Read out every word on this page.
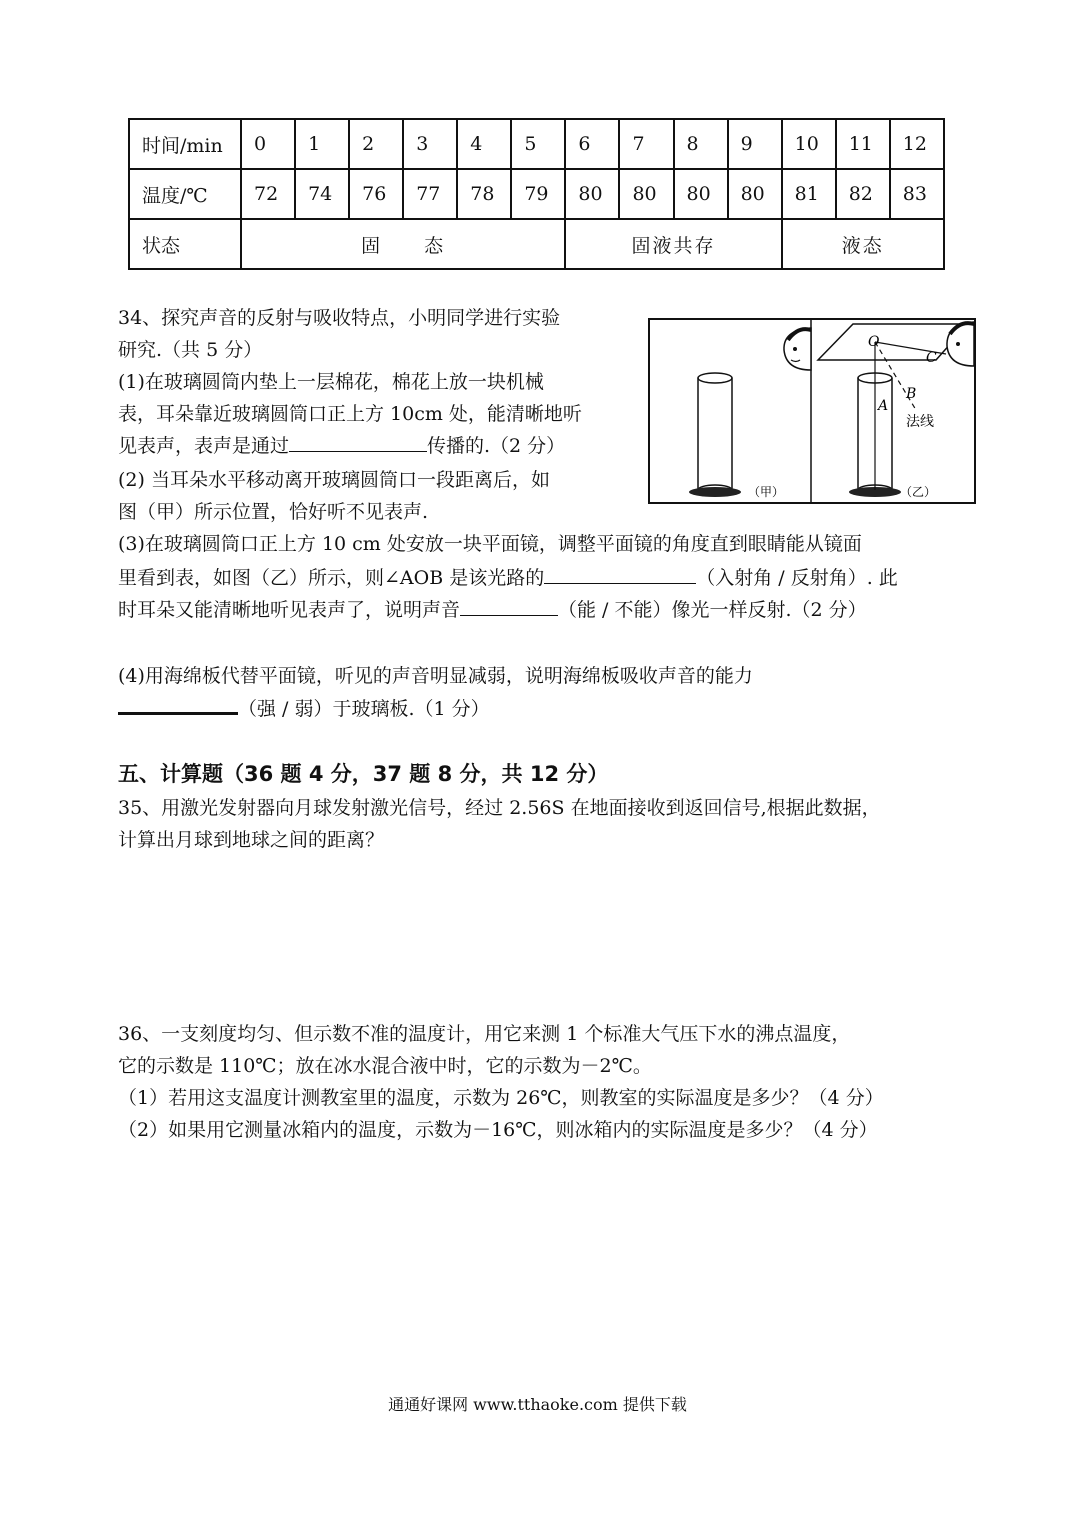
时间/min	0	1	2	3	4	5	6	7	8	9	10	11	12
温度/℃	72	74	76	77	78	79	80	80	80	80	81	82	83
状态	固　　态						固液共存				液态		
34、探究声音的反射与吸收特点，小明同学进行实验
研究.（共 5 分）
(1)在玻璃圆筒内垫上一层棉花，棉花上放一块机械
表，耳朵靠近玻璃圆筒口正上方 10cm 处，能清晰地听
见表声，表声是通过	传播的.（2 分）
(2) 当耳朵水平移动离开玻璃圆筒口一段距离后，如
图（甲）所示位置，恰好听不见表声.
(3)在玻璃圆筒口正上方 10 cm 处安放一块平面镜，调整平面镜的角度直到眼睛能从镜面
里看到表，如图（乙）所示，则∠AOB 是该光路的	（入射角 / 反射角）. 此
时耳朵又能清晰地听见表声了，说明声音	（能 / 不能）像光一样反射.（2 分）
(4)用海绵板代替平面镜，听见的声音明显减弱，说明海绵板吸收声音的能力
（强 / 弱）于玻璃板.（1 分）
O
C
A
B
法线
（甲）	（乙）
五、计算题（36 题 4 分，37 题 8 分，共 12 分）
35、用激光发射器向月球发射激光信号，经过 2.56S 在地面接收到返回信号,根据此数据，
计算出月球到地球之间的距离？
36、一支刻度均匀、但示数不准的温度计，用它来测 1 个标准大气压下水的沸点温度，
它的示数是 110℃；放在冰水混合液中时，它的示数为－2℃。
（1）若用这支温度计测教室里的温度，示数为 26℃，则教室的实际温度是多少？（4 分）
（2）如果用它测量冰箱内的温度，示数为－16℃，则冰箱内的实际温度是多少？（4 分）
通通好课网 www.tthaoke.com 提供下载
